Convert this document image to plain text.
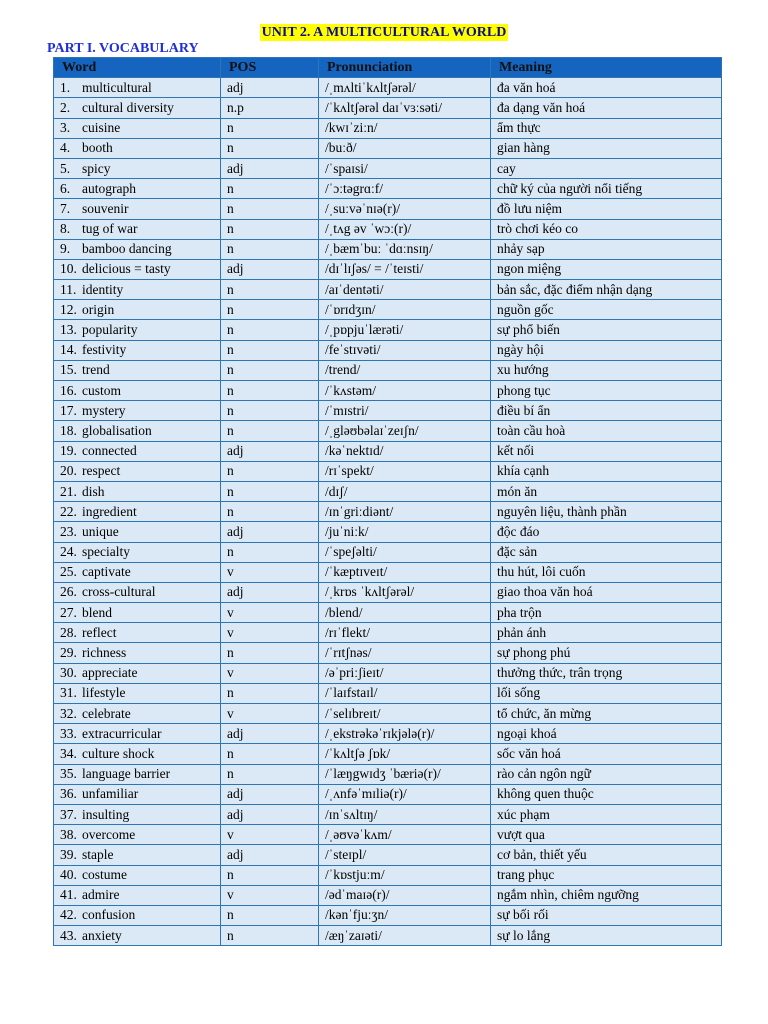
UNIT 2. A MULTICULTURAL WORLD
PART I. VOCABULARY
Word	POS	Pronunciation	Meaning
1. multicultural	adj	/ˌmʌltiˈkʌltʃərəl/	đa văn hoá
2. cultural diversity	n.p	/ˈkʌltʃərəl daɪˈvɜːsəti/	đa dạng văn hoá
3. cuisine	n	/kwɪˈziːn/	ẩm thực
4. booth	n	/buːð/	gian hàng
5. spicy	adj	/ˈspaɪsi/	cay
6. autograph	n	/ˈɔːtəgrɑːf/	chữ ký của người nổi tiếng
7. souvenir	n	/ˌsuːvəˈnɪə(r)/	đồ lưu niệm
8. tug of war	n	/ˌtʌg əv ˈwɔː(r)/	trò chơi kéo co
9. bamboo dancing	n	/ˌbæmˈbuː ˈdɑːnsɪŋ/	nhảy sạp
10. delicious = tasty	adj	/dɪˈlɪʃəs/ = /ˈteɪsti/	ngon miệng
11. identity	n	/aɪˈdentəti/	bản sắc, đặc điểm nhận dạng
12. origin	n	/ˈɒrɪdʒɪn/	nguồn gốc
13. popularity	n	/ˌpɒpjuˈlærəti/	sự phổ biến
14. festivity	n	/feˈstɪvəti/	ngày hội
15. trend	n	/trend/	xu hướng
16. custom	n	/ˈkʌstəm/	phong tục
17. mystery	n	/ˈmɪstri/	điều bí ẩn
18. globalisation	n	/ˌgləʊbəlaɪˈzeɪʃn/	toàn cầu hoà
19. connected	adj	/kəˈnektɪd/	kết nối
20. respect	n	/rɪˈspekt/	khía cạnh
21. dish	n	/dɪʃ/	món ăn
22. ingredient	n	/ɪnˈgriːdiənt/	nguyên liệu, thành phần
23. unique	adj	/juˈniːk/	độc đáo
24. specialty	n	/ˈspeʃəlti/	đặc sản
25. captivate	v	/ˈkæptɪveɪt/	thu hút, lôi cuốn
26. cross-cultural	adj	/ˌkrɒs ˈkʌltʃərəl/	giao thoa văn hoá
27. blend	v	/blend/	pha trộn
28. reflect	v	/rɪˈflekt/	phản ánh
29. richness	n	/ˈrɪtʃnəs/	sự phong phú
30. appreciate	v	/əˈpriːʃieɪt/	thưởng thức, trân trọng
31. lifestyle	n	/ˈlaɪfstaɪl/	lối sống
32. celebrate	v	/ˈselɪbreɪt/	tổ chức, ăn mừng
33. extracurricular	adj	/ˌekstrəkəˈrɪkjələ(r)/	ngoại khoá
34. culture shock	n	/ˈkʌltʃə ʃɒk/	sốc văn hoá
35. language barrier	n	/ˈlæŋgwɪdʒ ˈbæriə(r)/	rào cản ngôn ngữ
36. unfamiliar	adj	/ˌʌnfəˈmɪliə(r)/	không quen thuộc
37. insulting	adj	/ɪnˈsʌltɪŋ/	xúc phạm
38. overcome	v	/ˌəʊvəˈkʌm/	vượt qua
39. staple	adj	/ˈsteɪpl/	cơ bản, thiết yếu
40. costume	n	/ˈkɒstjuːm/	trang phục
41. admire	v	/ədˈmaɪə(r)/	ngắm nhìn, chiêm ngưỡng
42. confusion	n	/kənˈfjuːʒn/	sự bối rối
43. anxiety	n	/æŋˈzaɪəti/	sự lo lắng
